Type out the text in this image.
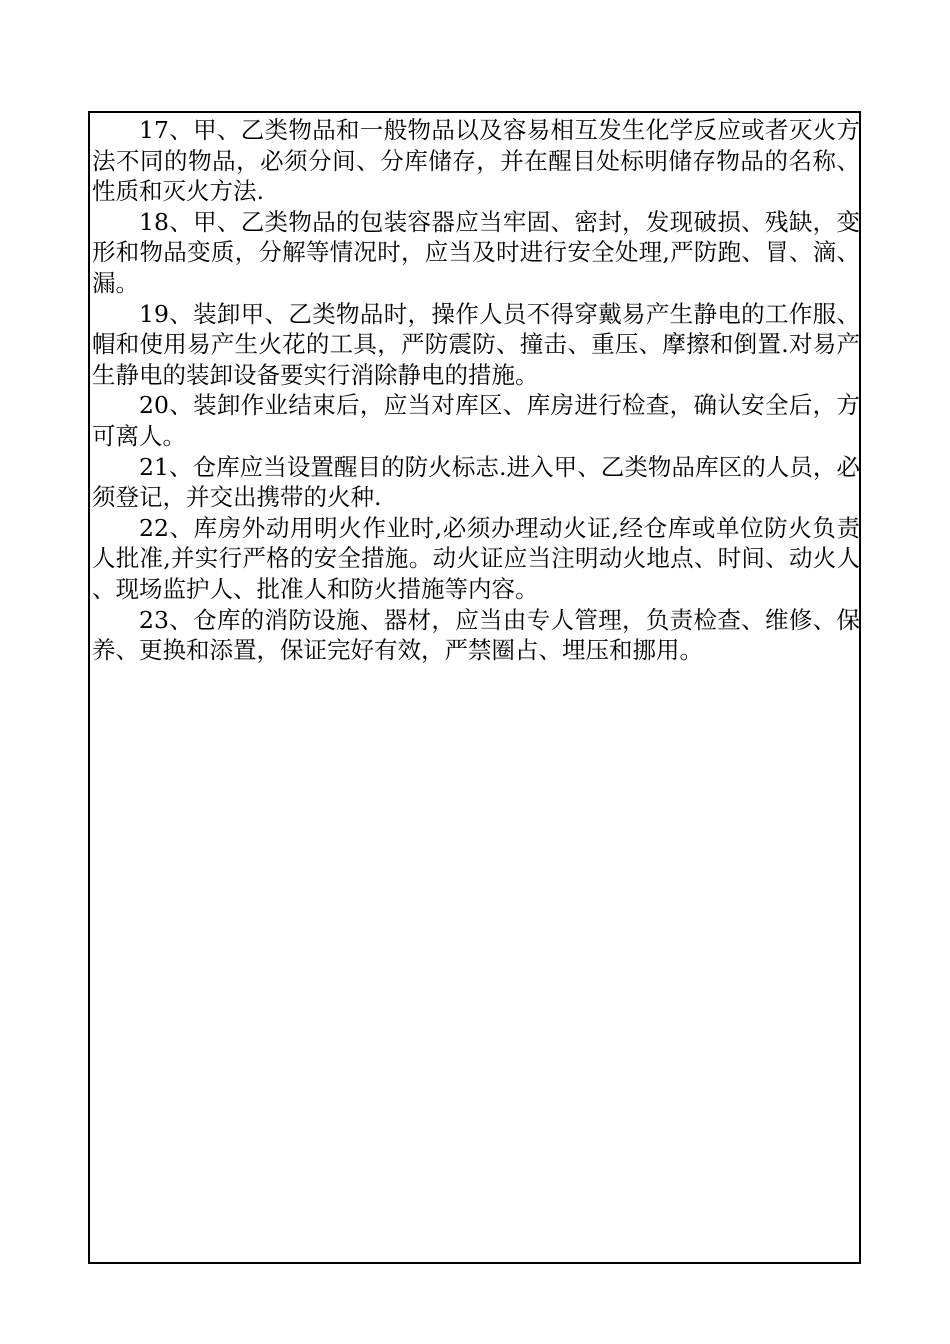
17、甲、乙类物品和一般物品以及容易相互发生化学反应或者灭火方法不同的物品，必须分间、分库储存，并在醒目处标明储存物品的名称、性质和灭火方法.

18、甲、乙类物品的包装容器应当牢固、密封，发现破损、残缺，变形和物品变质，分解等情况时，应当及时进行安全处理,严防跑、冒、滴、漏。

19、装卸甲、乙类物品时，操作人员不得穿戴易产生静电的工作服、帽和使用易产生火花的工具，严防震防、撞击、重压、摩擦和倒置.对易产生静电的装卸设备要实行消除静电的措施。

20、装卸作业结束后，应当对库区、库房进行检查，确认安全后，方可离人。

21、仓库应当设置醒目的防火标志.进入甲、乙类物品库区的人员，必须登记，并交出携带的火种.

22、库房外动用明火作业时,必须办理动火证,经仓库或单位防火负责人批准,并实行严格的安全措施。动火证应当注明动火地点、时间、动火人、现场监护人、批准人和防火措施等内容。

23、仓库的消防设施、器材，应当由专人管理，负责检查、维修、保养、更换和添置，保证完好有效，严禁圈占、埋压和挪用。
